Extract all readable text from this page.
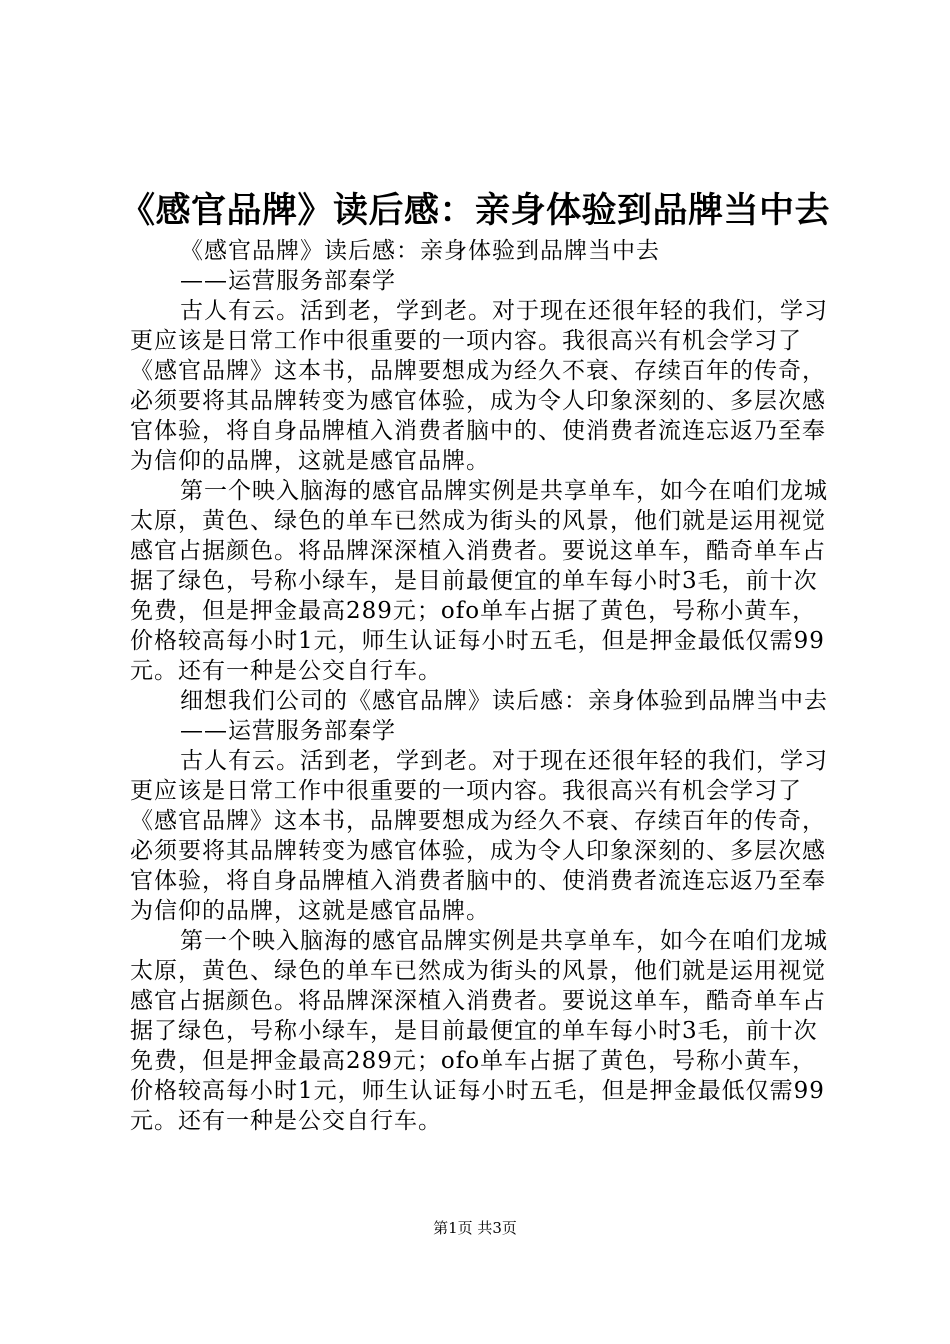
《感官品牌》读后感：亲身体验到品牌当中去

《感官品牌》读后感：亲身体验到品牌当中去

——运营服务部秦学

古人有云。活到老，学到老。对于现在还很年轻的我们，学习更应该是日常工作中很重要的一项内容。我很高兴有机会学习了《感官品牌》这本书，品牌要想成为经久不衰、存续百年的传奇，必须要将其品牌转变为感官体验，成为令人印象深刻的、多层次感官体验，将自身品牌植入消费者脑中的、使消费者流连忘返乃至奉为信仰的品牌，这就是感官品牌。

第一个映入脑海的感官品牌实例是共享单车，如今在咱们龙城太原，黄色、绿色的单车已然成为街头的风景，他们就是运用视觉感官占据颜色。将品牌深深植入消费者。要说这单车，酷奇单车占据了绿色，号称小绿车，是目前最便宜的单车每小时3毛，前十次免费，但是押金最高289元；ofo单车占据了黄色，号称小黄车，价格较高每小时1元，师生认证每小时五毛，但是押金最低仅需99元。还有一种是公交自行车。

细想我们公司的《感官品牌》读后感：亲身体验到品牌当中去

——运营服务部秦学

古人有云。活到老，学到老。对于现在还很年轻的我们，学习更应该是日常工作中很重要的一项内容。我很高兴有机会学习了《感官品牌》这本书，品牌要想成为经久不衰、存续百年的传奇，必须要将其品牌转变为感官体验，成为令人印象深刻的、多层次感官体验，将自身品牌植入消费者脑中的、使消费者流连忘返乃至奉为信仰的品牌，这就是感官品牌。

第一个映入脑海的感官品牌实例是共享单车，如今在咱们龙城太原，黄色、绿色的单车已然成为街头的风景，他们就是运用视觉感官占据颜色。将品牌深深植入消费者。要说这单车，酷奇单车占据了绿色，号称小绿车，是目前最便宜的单车每小时3毛，前十次免费，但是押金最高289元；ofo单车占据了黄色，号称小黄车，价格较高每小时1元，师生认证每小时五毛，但是押金最低仅需99元。还有一种是公交自行车。

第1页 共3页
